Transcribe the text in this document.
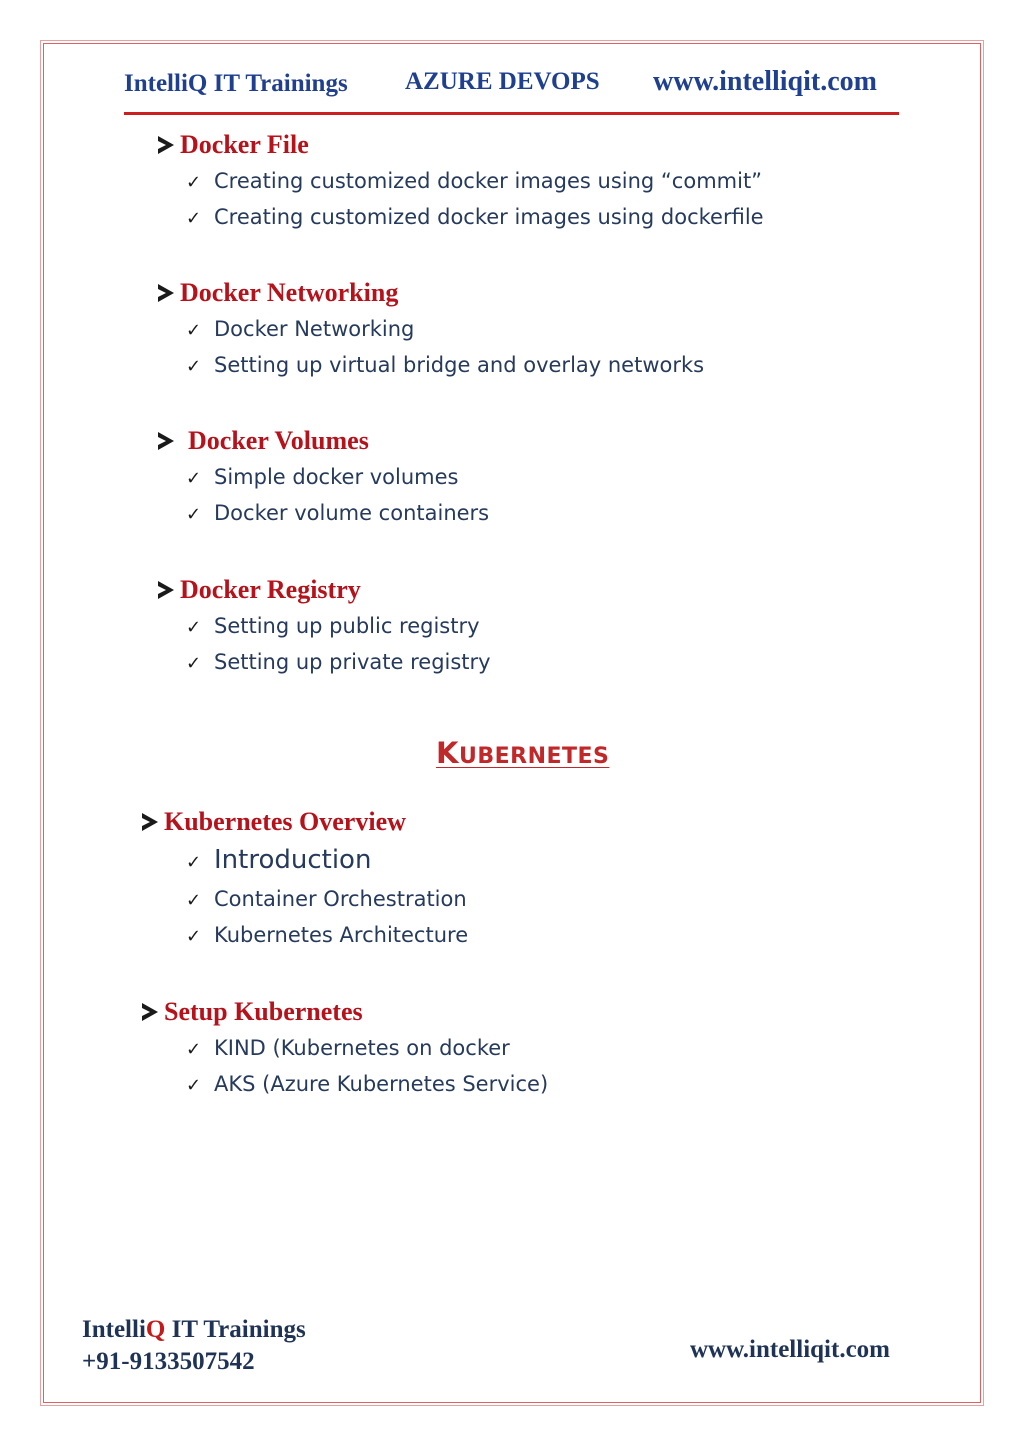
IntelliQ IT Trainings AZURE DEVOPS www.intelliqit.com
Docker File
✓ Creating customized docker images using “commit”
✓ Creating customized docker images using dockerfile
Docker Networking
✓ Docker Networking
✓ Setting up virtual bridge and overlay networks
Docker Volumes
✓ Simple docker volumes
✓ Docker volume containers
Docker Registry
✓ Setting up public registry
✓ Setting up private registry
KUBERNETES
Kubernetes Overview
✓ Introduction
✓ Container Orchestration
✓ Kubernetes Architecture
Setup Kubernetes
✓ KIND (Kubernetes on docker
✓ AKS (Azure Kubernetes Service)
IntelliQ IT Trainings
+91-9133507542	www.intelliqit.com
